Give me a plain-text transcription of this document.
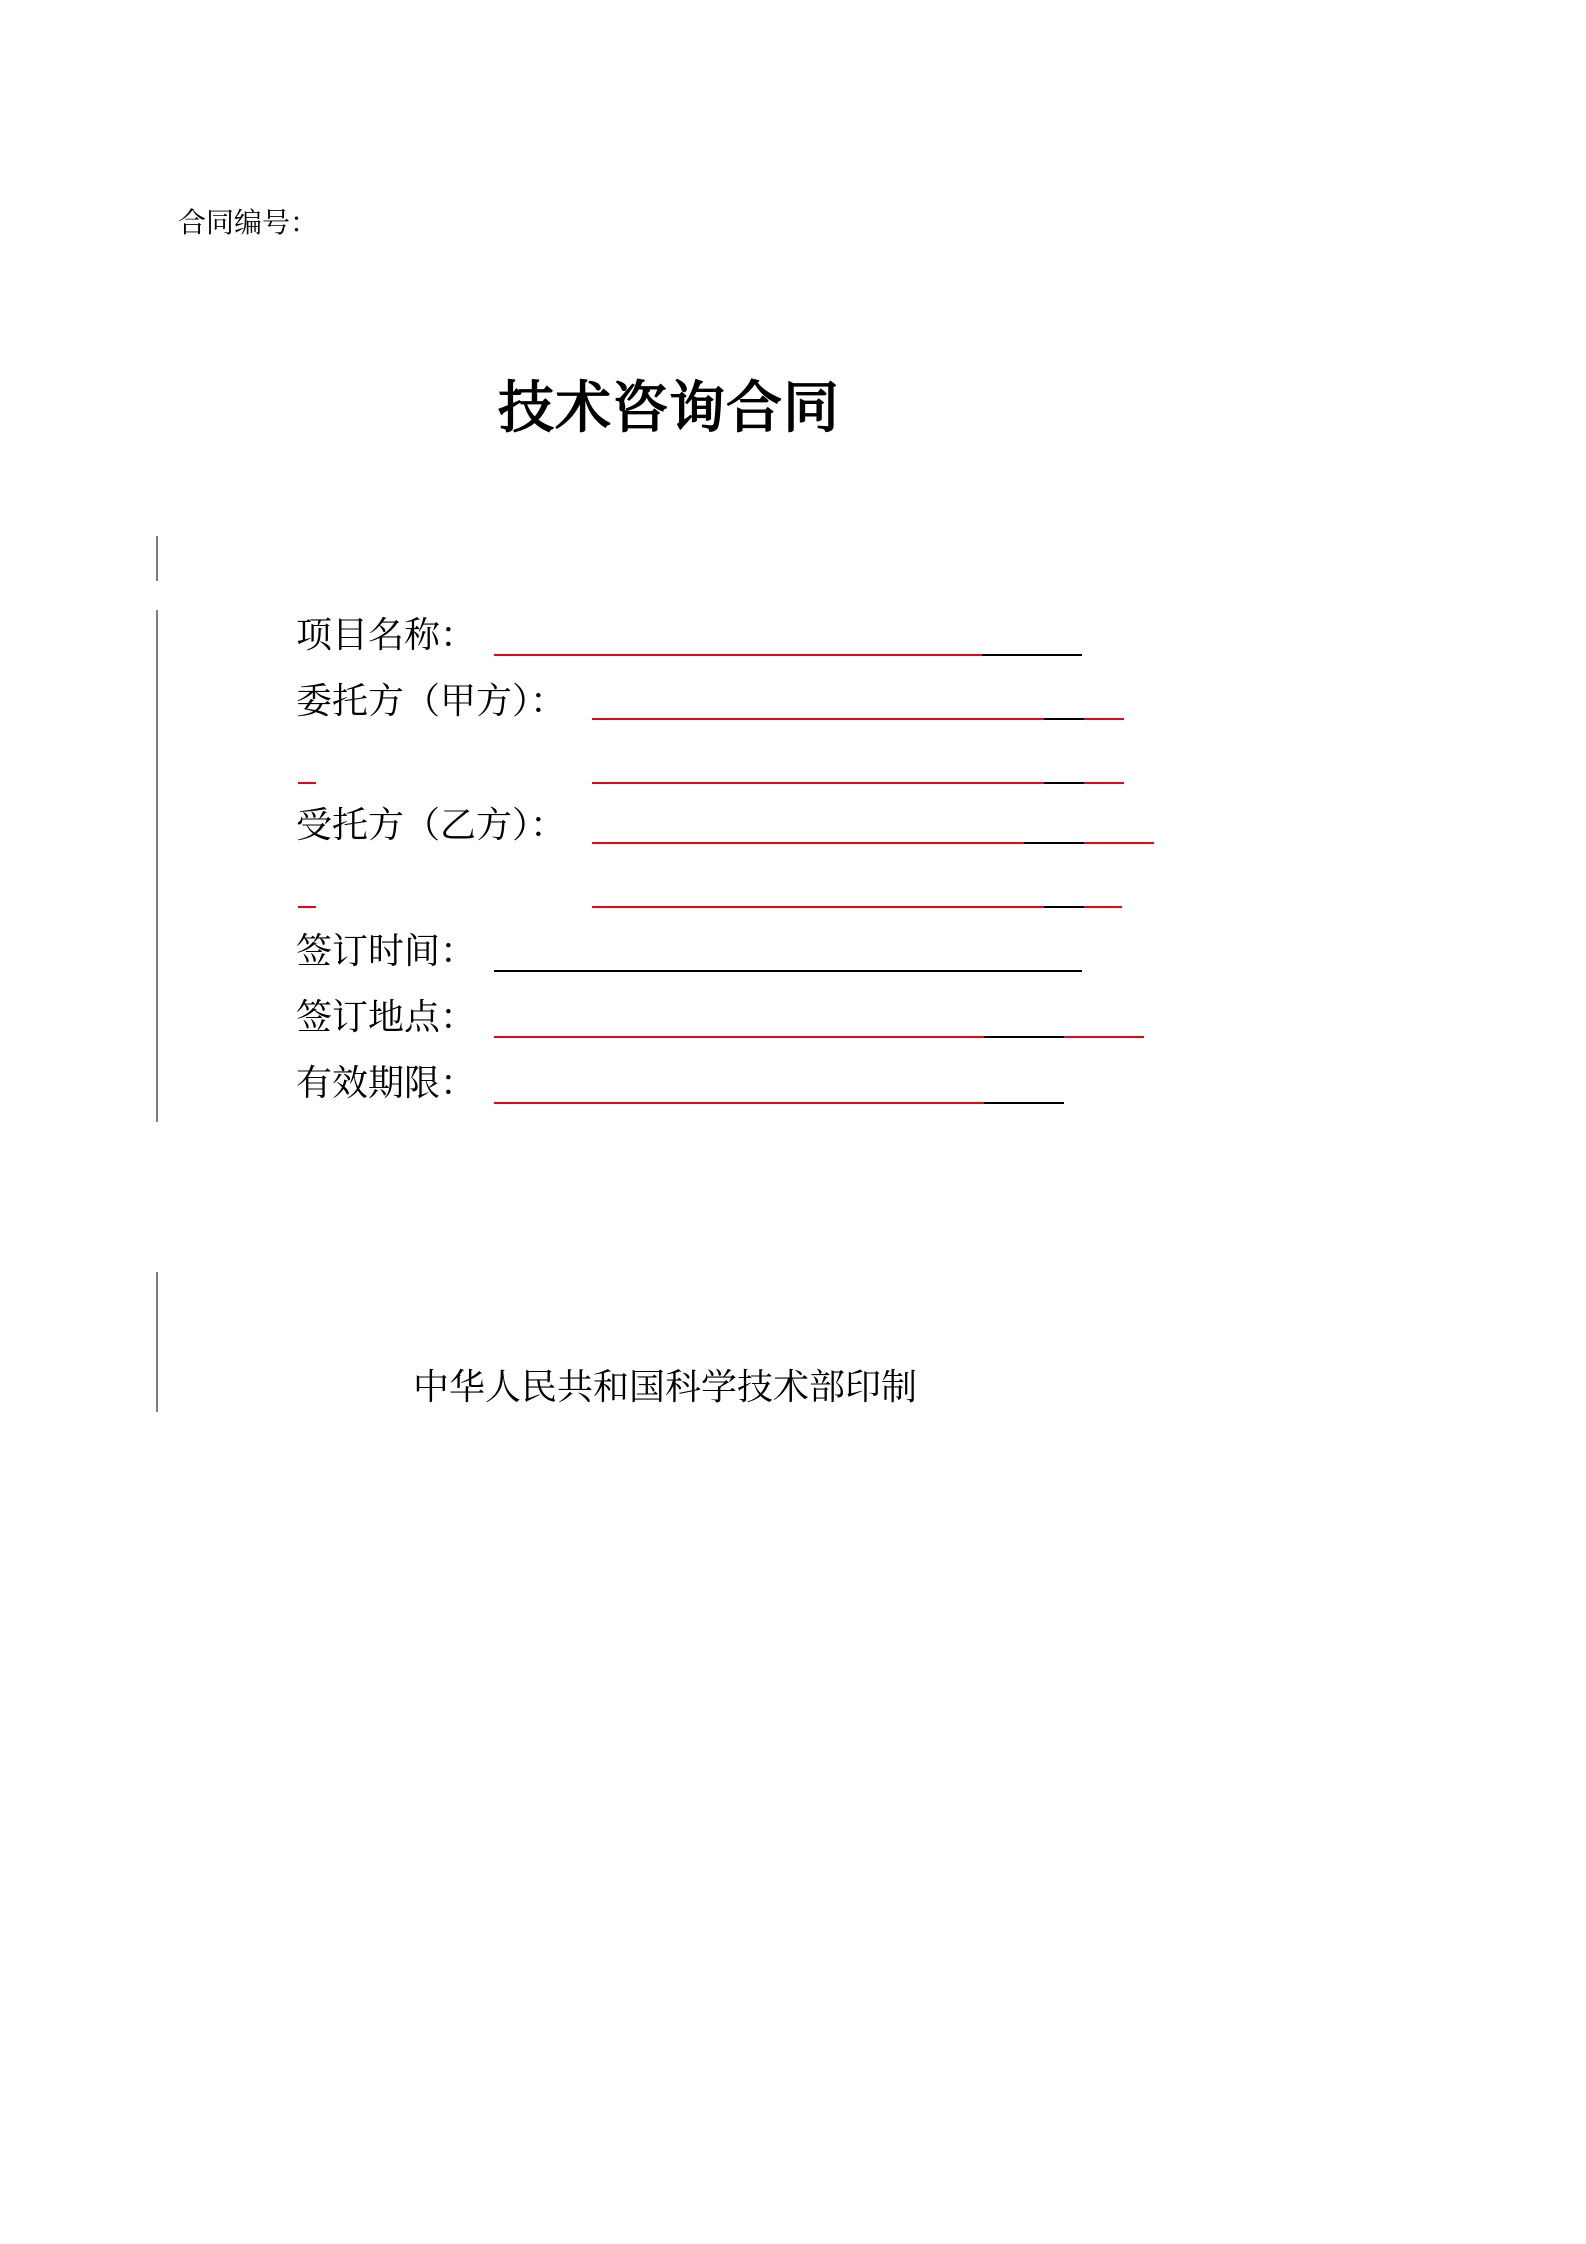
合同编号：
技术咨询合同
项目名称：
委托方（甲方）：
受托方（乙方）：
签订时间：
签订地点：
有效期限：
中华人民共和国科学技术部印制
